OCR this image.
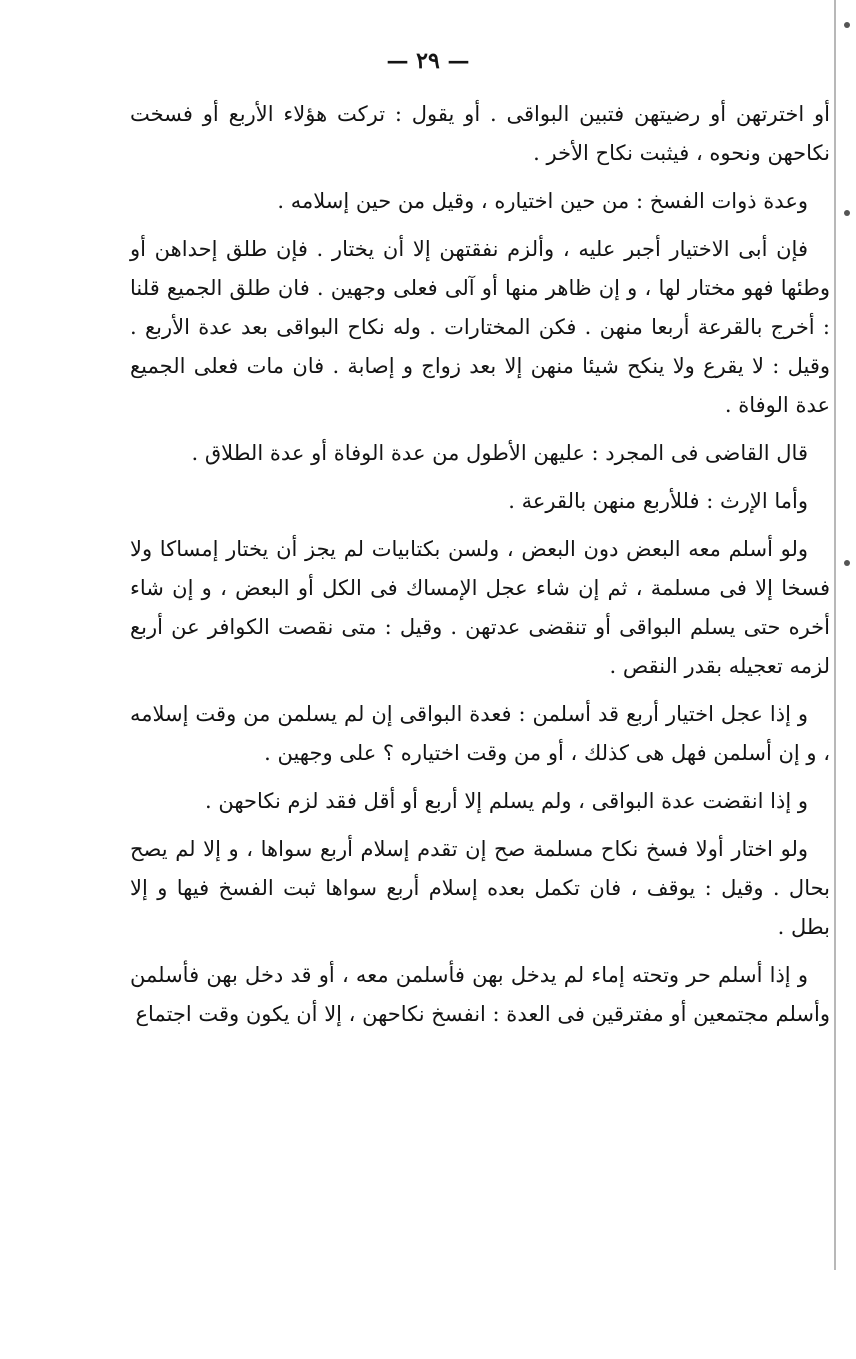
— ٢٩ —

أو اخترتهن أو رضيتهن فتبين البواقى . أو يقول : تركت هؤلاء الأربع أو فسخت نكاحهن ونحوه ، فيثبت نكاح الأخر .

وعدة ذوات الفسخ : من حين اختياره ، وقيل من حين إسلامه .

فإن أبى الاختيار أجبر عليه ، وألزم نفقتهن إلا أن يختار . فإن طلق إحداهن أو وطئها فهو مختار لها ، و إن ظاهر منها أو آلى فعلى وجهين . فان طلق الجميع قلنا : أخرج بالقرعة أربعا منهن . فكن المختارات . وله نكاح البواقى بعد عدة الأربع . وقيل : لا يقرع ولا ينكح شيئا منهن إلا بعد زواج و إصابة . فان مات فعلى الجميع عدة الوفاة .

قال القاضى فى المجرد : عليهن الأطول من عدة الوفاة أو عدة الطلاق .

وأما الإرث : فللأربع منهن بالقرعة .

ولو أسلم معه البعض دون البعض ، ولسن بكتابيات لم يجز أن يختار إمساكا ولا فسخا إلا فى مسلمة ، ثم إن شاء عجل الإمساك فى الكل أو البعض ، و إن شاء أخره حتى يسلم البواقى أو تنقضى عدتهن . وقيل : متى نقصت الكوافر عن أربع لزمه تعجيله بقدر النقص .

و إذا عجل اختيار أربع قد أسلمن : فعدة البواقى إن لم يسلمن من وقت إسلامه ، و إن أسلمن فهل هى كذلك ، أو من وقت اختياره ؟ على وجهين .

و إذا انقضت عدة البواقى ، ولم يسلم إلا أربع أو أقل فقد لزم نكاحهن .

ولو اختار أولا فسخ نكاح مسلمة صح إن تقدم إسلام أربع سواها ، و إلا لم يصح بحال . وقيل : يوقف ، فان تكمل بعده إسلام أربع سواها ثبت الفسخ فيها و إلا بطل .

و إذا أسلم حر وتحته إماء لم يدخل بهن فأسلمن معه ، أو قد دخل بهن فأسلمن وأسلم مجتمعين أو مفترقين فى العدة : انفسخ نكاحهن ، إلا أن يكون وقت اجتماع
